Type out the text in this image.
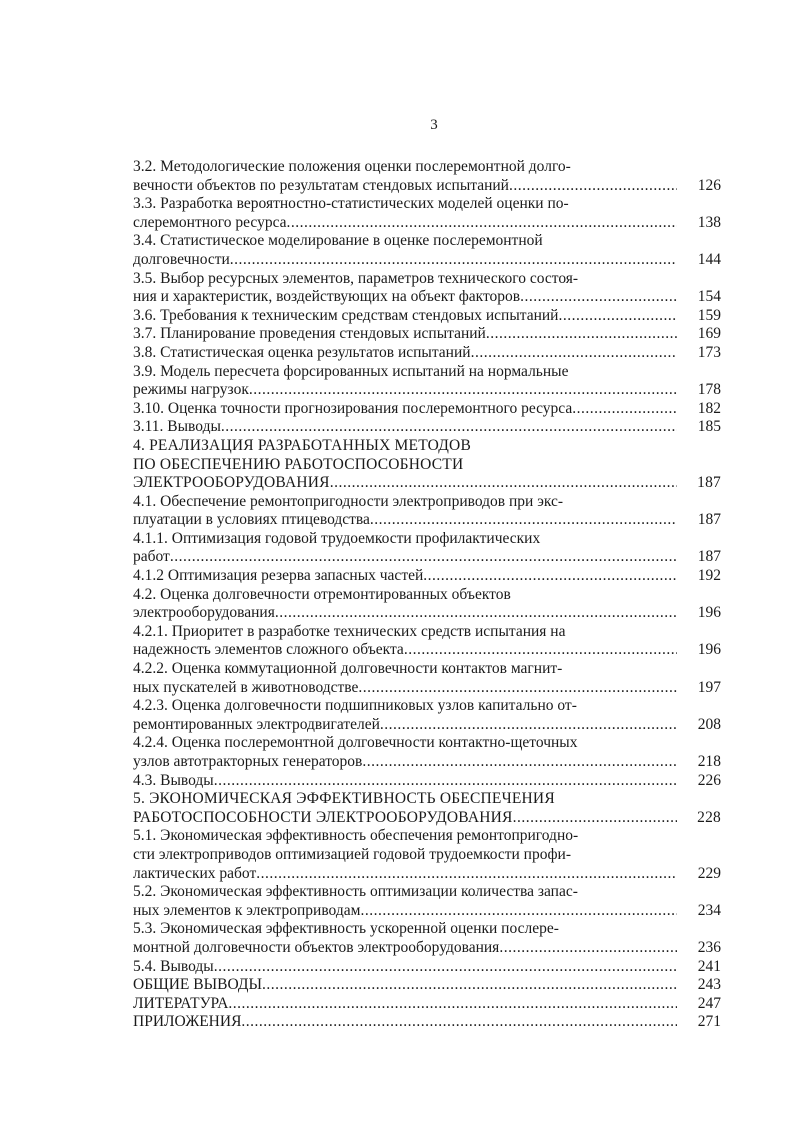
3
3.2. Методологические положения оценки послеремонтной долго-
вечности объектов по результатам стендовых испытаний .....	126
3.3. Разработка вероятностно-статистических моделей оценки по-
слеремонтного ресурса .....	138
3.4. Статистическое моделирование в оценке послеремонтной
долговечности .....	144
3.5. Выбор ресурсных элементов, параметров технического состоя-
ния и характеристик, воздействующих на объект факторов .....	154
3.6. Требования к техническим средствам стендовых испытаний .....	159
3.7. Планирование проведения стендовых испытаний .....	169
3.8. Статистическая оценка результатов испытаний .....	173
3.9. Модель пересчета форсированных испытаний на нормальные
режимы нагрузок .....	178
3.10. Оценка точности прогнозирования послеремонтного ресурса .....	182
3.11. Выводы .....	185
4. РЕАЛИЗАЦИЯ РАЗРАБОТАННЫХ МЕТОДОВ
ПО ОБЕСПЕЧЕНИЮ РАБОТОСПОСОБНОСТИ
ЭЛЕКТРООБОРУДОВАНИЯ .....	187
4.1. Обеспечение ремонтопригодности электроприводов при экс-
плуатации в условиях птицеводства .....	187
4.1.1. Оптимизация годовой трудоемкости профилактических
работ .....	187
4.1.2 Оптимизация резерва запасных частей .....	192
4.2. Оценка долговечности отремонтированных объектов
электрооборудования .....	196
4.2.1. Приоритет в разработке технических средств испытания на
надежность элементов сложного объекта .....	196
4.2.2. Оценка коммутационной долговечности контактов магнит-
ных пускателей в животноводстве .....	197
4.2.3. Оценка долговечности подшипниковых узлов капитально от-
ремонтированных электродвигателей .....	208
4.2.4. Оценка послеремонтной долговечности контактно-щеточных
узлов автотракторных генераторов .....	218
4.3. Выводы .....	226
5. ЭКОНОМИЧЕСКАЯ ЭФФЕКТИВНОСТЬ ОБЕСПЕЧЕНИЯ
РАБОТОСПОСОБНОСТИ ЭЛЕКТРООБОРУДОВАНИЯ .....	228
5.1. Экономическая эффективность обеспечения ремонтопригодно-
сти электроприводов оптимизацией годовой трудоемкости профи-
лактических работ .....	229
5.2. Экономическая эффективность оптимизации количества запас-
ных элементов к электроприводам .....	234
5.3. Экономическая эффективность ускоренной оценки послере-
монтной долговечности объектов электрооборудования .....	236
5.4. Выводы .....	241
ОБЩИЕ ВЫВОДЫ .....	243
ЛИТЕРАТУРА .....	247
ПРИЛОЖЕНИЯ .....	271
